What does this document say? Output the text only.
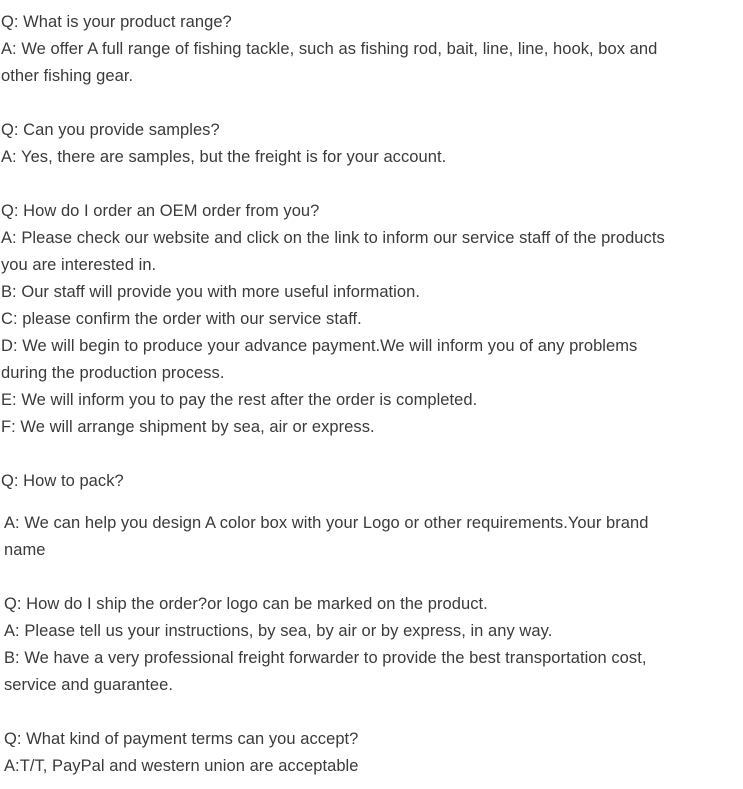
Q: What is your product range?
A: We offer A full range of fishing tackle, such as fishing rod, bait, line, line, hook, box and
other fishing gear.
Q: Can you provide samples?
A: Yes, there are samples, but the freight is for your account.
Q: How do I order an OEM order from you?
A: Please check our website and click on the link to inform our service staff of the products
you are interested in.
B: Our staff will provide you with more useful information.
C: please confirm the order with our service staff.
D: We will begin to produce your advance payment.We will inform you of any problems
during the production process.
E: We will inform you to pay the rest after the order is completed.
F: We will arrange shipment by sea, air or express.
Q: How to pack?
A: We can help you design A color box with your Logo or other requirements.Your brand
name
Q: How do I ship the order?or logo can be marked on the product.
A: Please tell us your instructions, by sea, by air or by express, in any way.
B: We have a very professional freight forwarder to provide the best transportation cost,
service and guarantee.
Q: What kind of payment terms can you accept?
A:T/T, PayPal and western union are acceptable
